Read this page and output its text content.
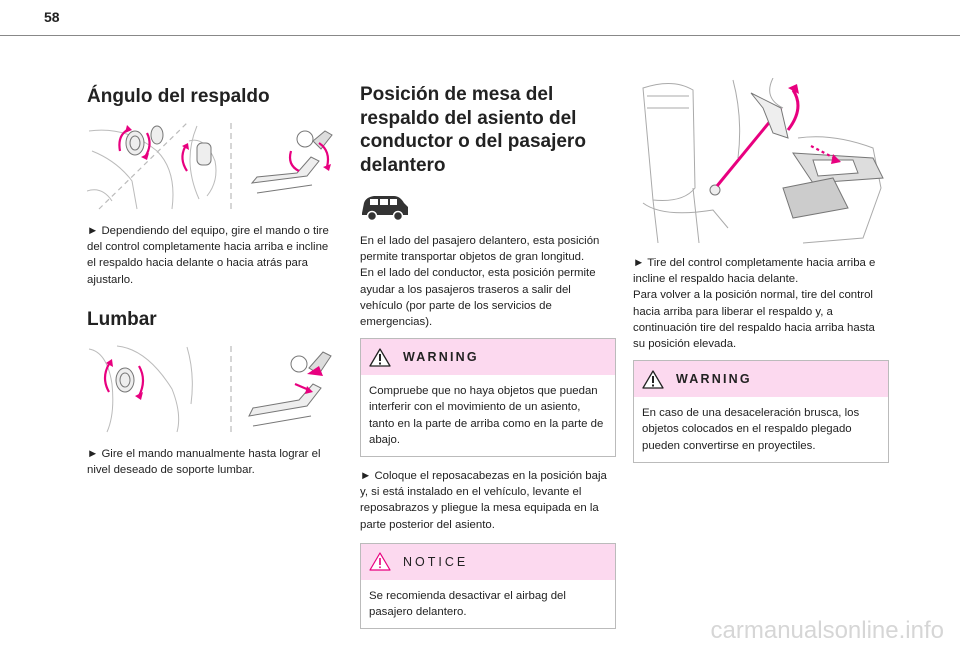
58
Ángulo del respaldo

► Dependiendo del equipo, gire el mando o tire del control completamente hacia arriba e incline el respaldo hacia delante o hacia atrás para ajustarlo.

Lumbar

► Gire el mando manualmente hasta lograr el nivel deseado de soporte lumbar.

Posición de mesa del respaldo del asiento del conductor o del pasajero delantero

En el lado del pasajero delantero, esta posición permite transportar objetos de gran longitud.
En el lado del conductor, esta posición permite ayudar a los pasajeros traseros a salir del vehículo (por parte de los servicios de emergencias).

WARNING
Compruebe que no haya objetos que puedan interferir con el movimiento de un asiento, tanto en la parte de arriba como en la parte de abajo.

► Coloque el reposacabezas en la posición baja y, si está instalado en el vehículo, levante el reposabrazos y pliegue la mesa equipada en la parte posterior del asiento.

NOTICE
Se recomienda desactivar el airbag del pasajero delantero.

► Tire del control completamente hacia arriba e incline el respaldo hacia delante.
Para volver a la posición normal, tire del control hacia arriba para liberar el respaldo y, a continuación tire del respaldo hacia arriba hasta su posición elevada.

WARNING
En caso de una desaceleración brusca, los objetos colocados en el respaldo plegado pueden convertirse en proyectiles.
carmanualsonline.info
